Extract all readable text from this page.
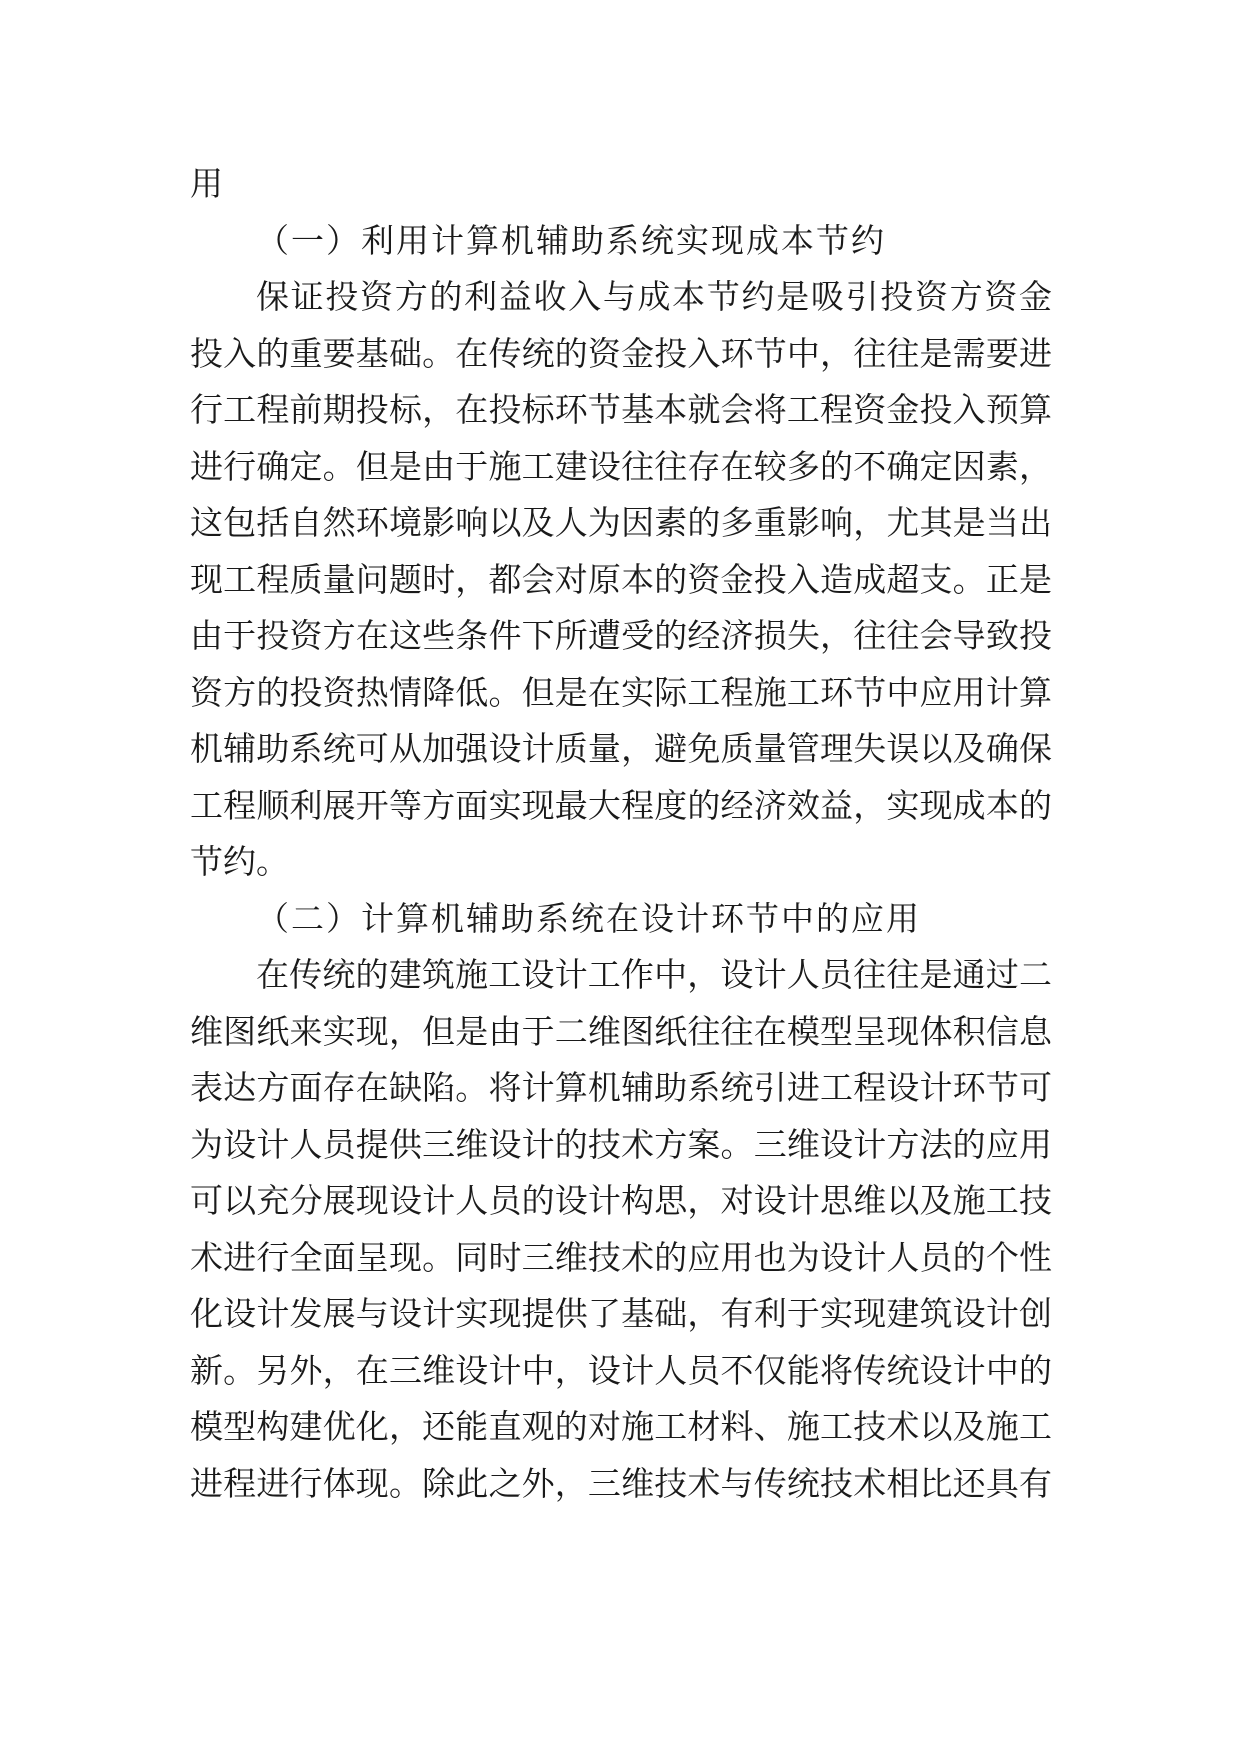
用
（一）利用计算机辅助系统实现成本节约
保证投资方的利益收入与成本节约是吸引投资方资金
投入的重要基础。在传统的资金投入环节中，往往是需要进
行工程前期投标，在投标环节基本就会将工程资金投入预算
进行确定。但是由于施工建设往往存在较多的不确定因素，
这包括自然环境影响以及人为因素的多重影响，尤其是当出
现工程质量问题时，都会对原本的资金投入造成超支。正是
由于投资方在这些条件下所遭受的经济损失，往往会导致投
资方的投资热情降低。但是在实际工程施工环节中应用计算
机辅助系统可从加强设计质量，避免质量管理失误以及确保
工程顺利展开等方面实现最大程度的经济效益，实现成本的
节约。
（二）计算机辅助系统在设计环节中的应用
在传统的建筑施工设计工作中，设计人员往往是通过二
维图纸来实现，但是由于二维图纸往往在模型呈现体积信息
表达方面存在缺陷。将计算机辅助系统引进工程设计环节可
为设计人员提供三维设计的技术方案。三维设计方法的应用
可以充分展现设计人员的设计构思，对设计思维以及施工技
术进行全面呈现。同时三维技术的应用也为设计人员的个性
化设计发展与设计实现提供了基础，有利于实现建筑设计创
新。另外，在三维设计中，设计人员不仅能将传统设计中的
模型构建优化，还能直观的对施工材料、施工技术以及施工
进程进行体现。除此之外，三维技术与传统技术相比还具有
